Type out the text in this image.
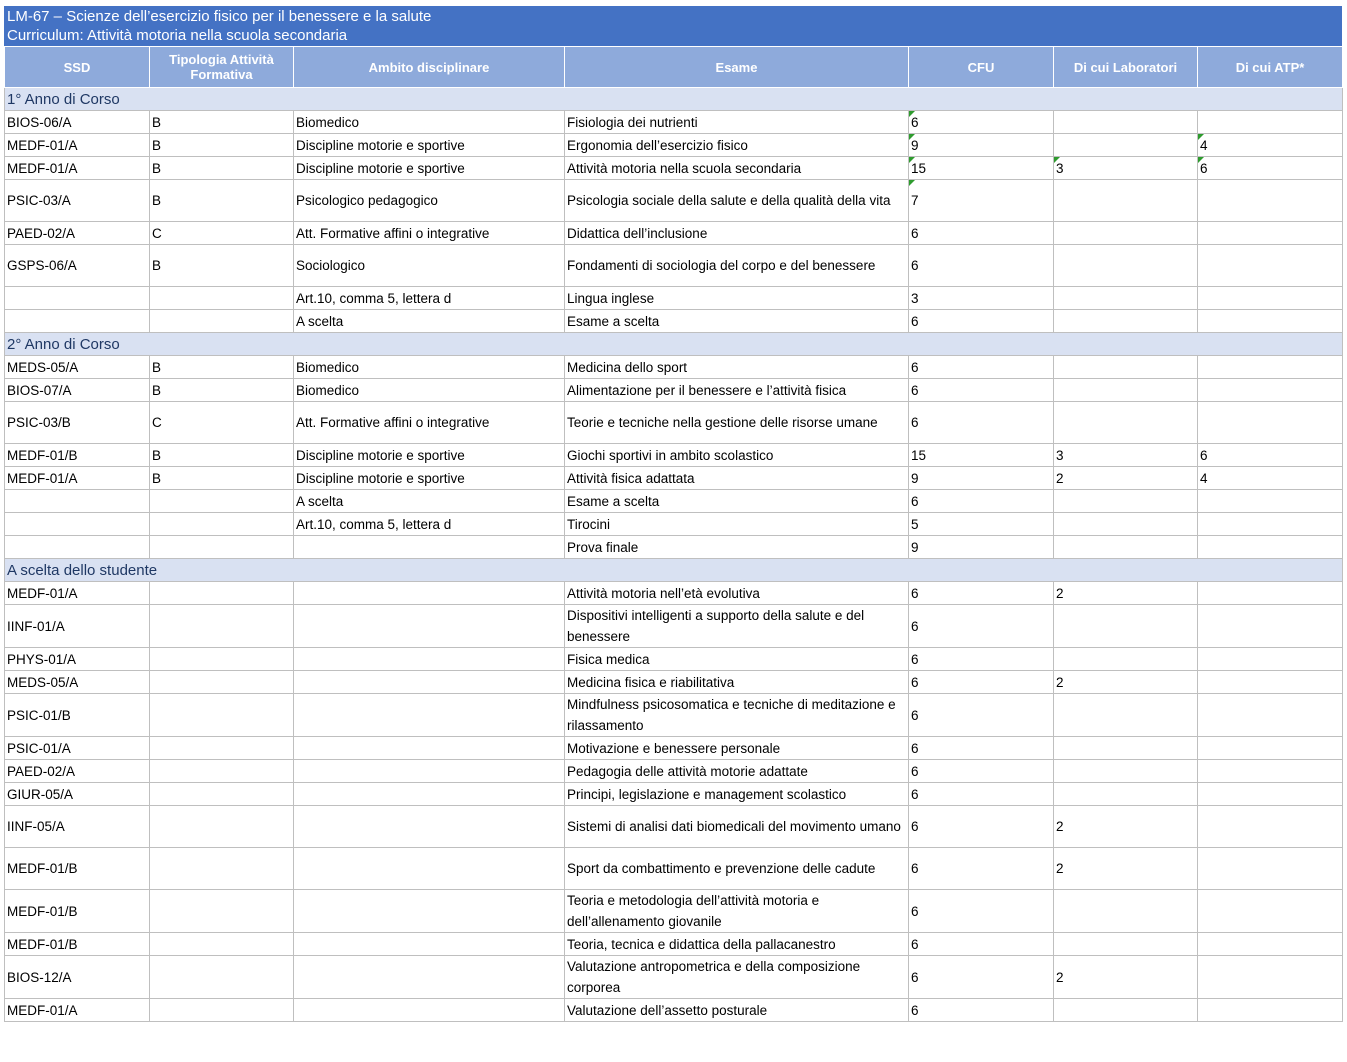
LM-67 – Scienze dell’esercizio fisico per il benessere e la salute
Curriculum: Attività motoria nella scuola secondaria
SSD	Tipologia Attività Formativa	Ambito disciplinare	Esame	CFU	Di cui Laboratori	Di cui ATP*
1° Anno di Corso						
BIOS-06/A	B	Biomedico	Fisiologia dei nutrienti	6		
MEDF-01/A	B	Discipline motorie e sportive	Ergonomia dell’esercizio fisico	9		4
MEDF-01/A	B	Discipline motorie e sportive	Attività motoria nella scuola secondaria	15	3	6
PSIC-03/A	B	Psicologico pedagogico	Psicologia sociale della salute e della qualità della vita	7		
PAED-02/A	C	Att. Formative affini o integrative	Didattica dell’inclusione	6		
GSPS-06/A	B	Sociologico	Fondamenti di sociologia del corpo e del benessere	6		
		Art.10, comma 5, lettera d	Lingua inglese	3		
		A scelta	Esame a scelta	6		
2° Anno di Corso						
MEDS-05/A	B	Biomedico	Medicina dello sport	6		
BIOS-07/A	B	Biomedico	Alimentazione per il benessere e l’attività fisica	6		
PSIC-03/B	C	Att. Formative affini o integrative	Teorie e tecniche nella gestione delle risorse umane	6		
MEDF-01/B	B	Discipline motorie e sportive	Giochi sportivi in ambito scolastico	15	3	6
MEDF-01/A	B	Discipline motorie e sportive	Attività fisica adattata	9	2	4
		A scelta	Esame a scelta	6		
		Art.10, comma 5, lettera d	Tirocini	5		
			Prova finale	9		
A scelta dello studente						
MEDF-01/A			Attività motoria nell’età evolutiva	6	2	
IINF-01/A			Dispositivi intelligenti a supporto della salute e del benessere	6		
PHYS-01/A			Fisica medica	6		
MEDS-05/A			Medicina fisica e riabilitativa	6	2	
PSIC-01/B			Mindfulness psicosomatica e tecniche di meditazione e rilassamento	6		
PSIC-01/A			Motivazione e benessere personale	6		
PAED-02/A			Pedagogia delle attività motorie adattate	6		
GIUR-05/A			Principi, legislazione e management scolastico	6		
IINF-05/A			Sistemi di analisi dati biomedicali del movimento umano	6	2	
MEDF-01/B			Sport da combattimento e prevenzione delle cadute	6	2	
MEDF-01/B			Teoria e metodologia dell’attività motoria e dell’allenamento giovanile	6		
MEDF-01/B			Teoria, tecnica e didattica della pallacanestro	6		
BIOS-12/A			Valutazione antropometrica e della composizione corporea	6	2	
MEDF-01/A			Valutazione dell’assetto posturale	6		
